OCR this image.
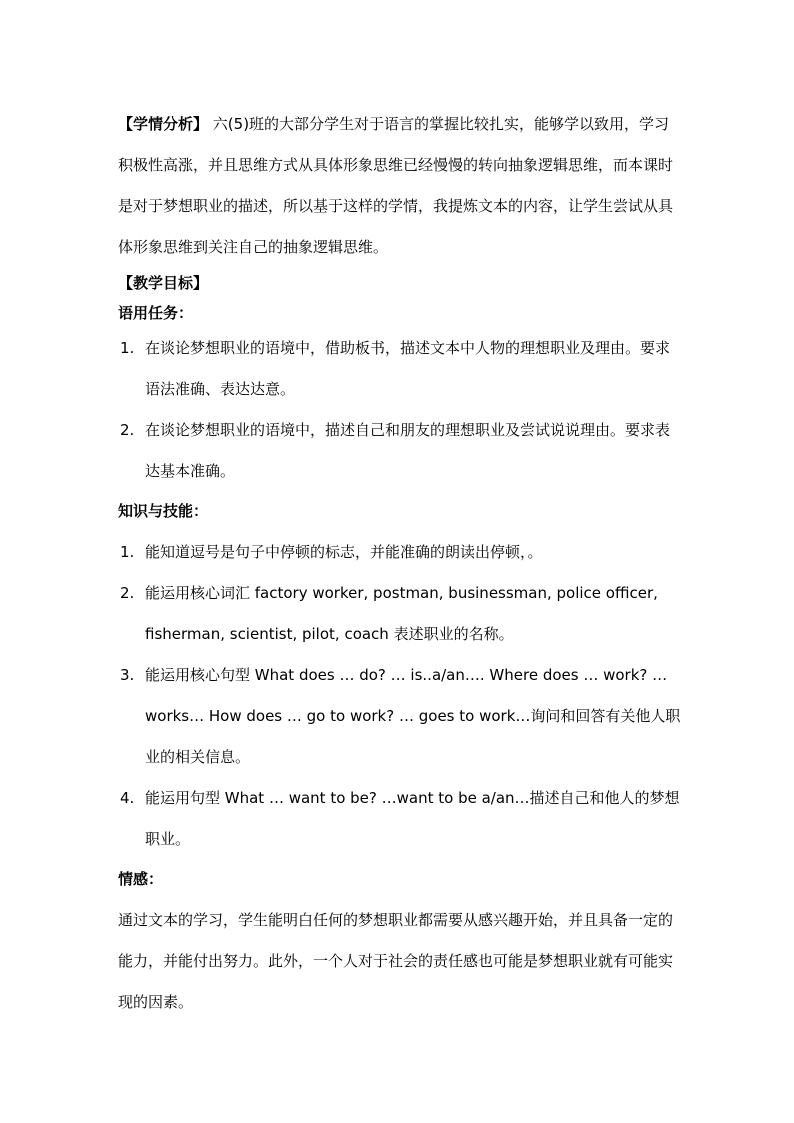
【学情分析】 六(5)班的大部分学生对于语言的掌握比较扎实，能够学以致用，学习积极性高涨，并且思维方式从具体形象思维已经慢慢的转向抽象逻辑思维，而本课时是对于梦想职业的描述，所以基于这样的学情，我提炼文本的内容，让学生尝试从具体形象思维到关注自己的抽象逻辑思维。

【教学目标】
语用任务：
1. 在谈论梦想职业的语境中，借助板书，描述文本中人物的理想职业及理由。要求语法准确、表达达意。
2. 在谈论梦想职业的语境中，描述自己和朋友的理想职业及尝试说说理由。要求表达基本准确。
知识与技能：
1. 能知道逗号是句子中停顿的标志，并能准确的朗读出停顿，。
2. 能运用核心词汇 factory worker, postman, businessman, police officer, fisherman, scientist, pilot, coach 表述职业的名称。
3. 能运用核心句型 What does … do? … is..a/an…. Where does … work? …works… How does … go to work? … goes to work…询问和回答有关他人职业的相关信息。
4. 能运用句型 What … want to be? …want to be a/an…描述自己和他人的梦想职业。
情感：

通过文本的学习，学生能明白任何的梦想职业都需要从感兴趣开始，并且具备一定的能力，并能付出努力。此外，一个人对于社会的责任感也可能是梦想职业就有可能实现的因素。
